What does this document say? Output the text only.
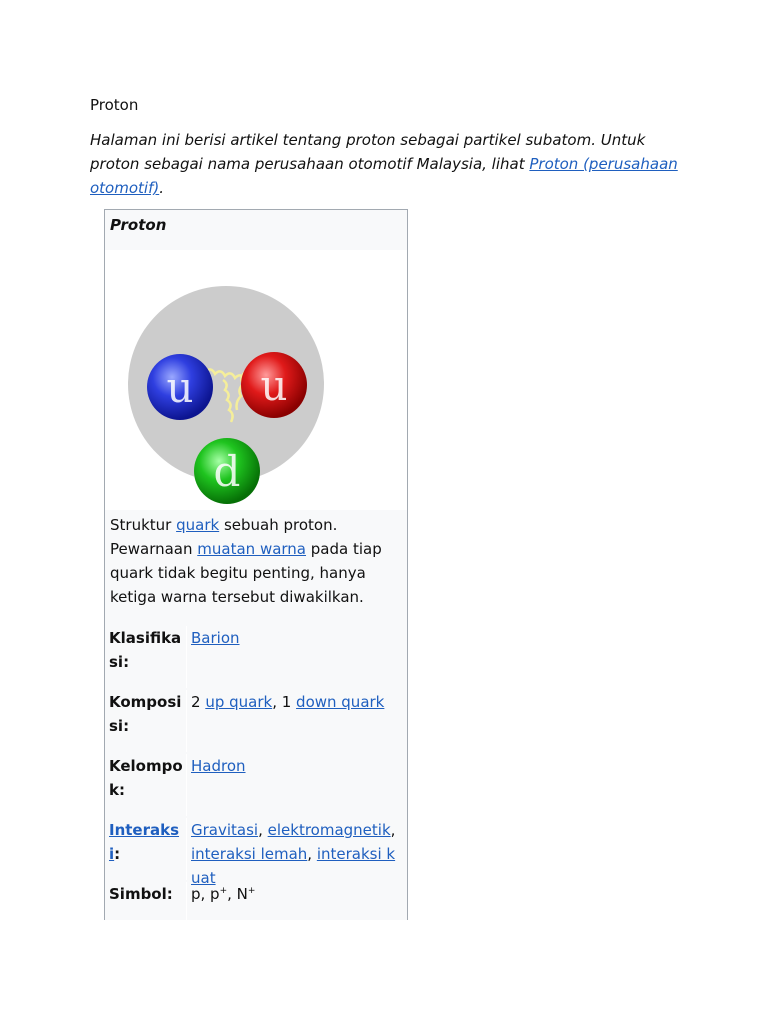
Proton
Halaman ini berisi artikel tentang proton sebagai partikel subatom. Untuk proton sebagai nama perusahaan otomotif Malaysia, lihat Proton (perusahaan otomotif).
Proton
u u
d
Struktur quark sebuah proton. Pewarnaan muatan warna pada tiap quark tidak begitu penting, hanya ketiga warna tersebut diwakilkan.
Klasifikasi:
Barion
Komposisi:
2 up quark, 1 down quark
Kelompok:
Hadron
Interaksi:
Gravitasi, elektromagnetik, interaksi lemah, interaksi kuat
Simbol:	p, p+, N+
